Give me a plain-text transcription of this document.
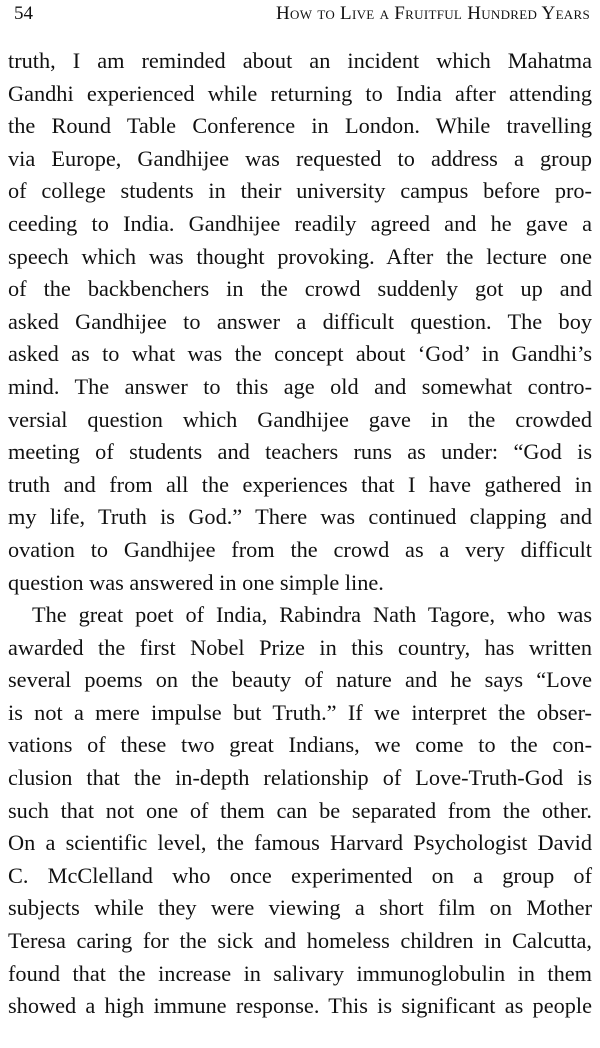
54	How to Live a Fruitful Hundred Years
truth, I am reminded about an incident which Mahatma
Gandhi experienced while returning to India after attending
the Round Table Conference in London. While travelling
via Europe, Gandhijee was requested to address a group
of college students in their university campus before pro-
ceeding to India. Gandhijee readily agreed and he gave a
speech which was thought provoking. After the lecture one
of the backbenchers in the crowd suddenly got up and
asked Gandhijee to answer a difficult question. The boy
asked as to what was the concept about ‘God’ in Gandhi’s
mind. The answer to this age old and somewhat contro-
versial question which Gandhijee gave in the crowded
meeting of students and teachers runs as under: “God is
truth and from all the experiences that I have gathered in
my life, Truth is God.” There was continued clapping and
ovation to Gandhijee from the crowd as a very difficult
question was answered in one simple line.
The great poet of India, Rabindra Nath Tagore, who was
awarded the first Nobel Prize in this country, has written
several poems on the beauty of nature and he says “Love
is not a mere impulse but Truth.” If we interpret the obser-
vations of these two great Indians, we come to the con-
clusion that the in-depth relationship of Love-Truth-God is
such that not one of them can be separated from the other.
On a scientific level, the famous Harvard Psychologist David
C. McClelland who once experimented on a group of
subjects while they were viewing a short film on Mother
Teresa caring for the sick and homeless children in Calcutta,
found that the increase in salivary immunoglobulin in them
showed a high immune response. This is significant as people
